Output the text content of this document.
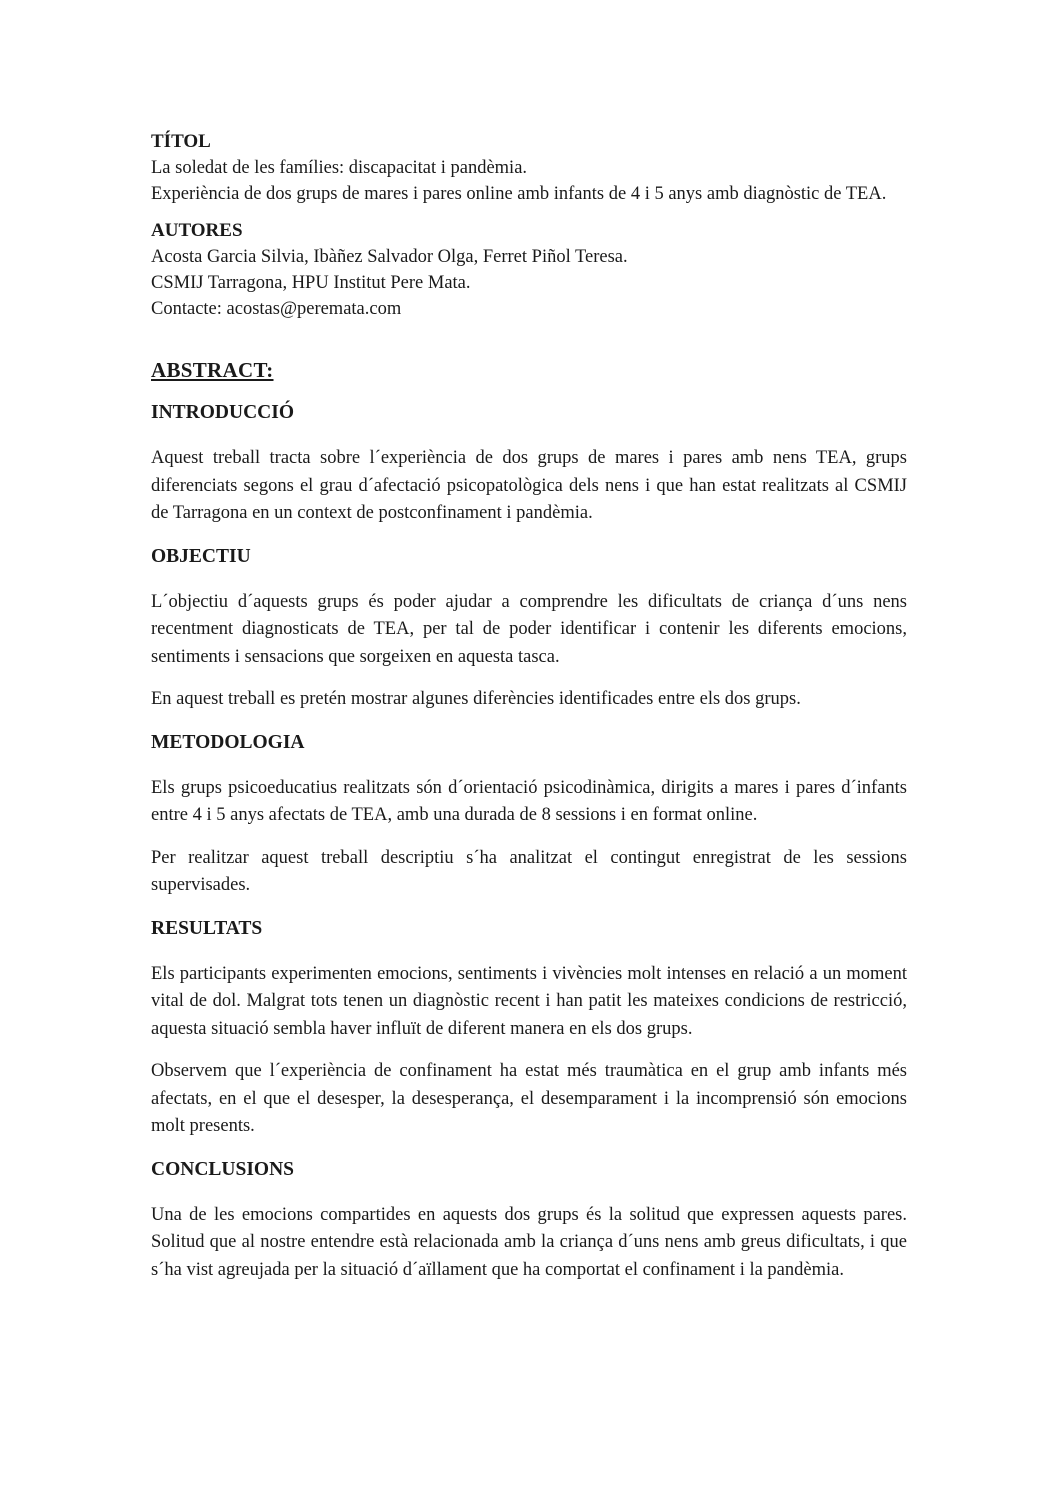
TÍTOL

La soledat de les famílies: discapacitat i pandèmia.

Experiència de dos grups de mares i pares online amb infants de 4 i 5 anys amb diagnòstic de TEA.

AUTORES

Acosta Garcia Silvia, Ibàñez Salvador Olga, Ferret Piñol Teresa.

CSMIJ Tarragona, HPU Institut Pere Mata.

Contacte: acostas@peremata.com

ABSTRACT:
INTRODUCCIÓ

Aquest treball tracta sobre l´experiència de dos grups de mares i pares amb nens TEA, grups diferenciats segons el grau d´afectació psicopatològica dels nens i que han estat realitzats al CSMIJ de Tarragona en un context de postconfinament i pandèmia.

OBJECTIU

L´objectiu d´aquests grups és poder ajudar a comprendre les dificultats de criança d´uns nens recentment diagnosticats de TEA, per tal de poder identificar i contenir les diferents emocions, sentiments i sensacions que sorgeixen en aquesta tasca.

En aquest treball es pretén mostrar algunes diferències identificades entre els dos grups.

METODOLOGIA

Els grups psicoeducatius realitzats són d´orientació psicodinàmica, dirigits a mares i pares d´infants entre 4 i 5 anys afectats de TEA, amb una durada de 8 sessions i en format online.

Per realitzar aquest treball descriptiu s´ha analitzat el contingut enregistrat de les sessions supervisades.

RESULTATS

Els participants experimenten emocions, sentiments i vivències molt intenses en relació a un moment vital de dol. Malgrat tots tenen un diagnòstic recent i han patit les mateixes condicions de restricció, aquesta situació sembla haver influït de diferent manera en els dos grups.

Observem que l´experiència de confinament ha estat més traumàtica en el grup amb infants més afectats, en el que el desesper, la desesperança, el desemparament i la incomprensió són emocions molt presents.

CONCLUSIONS

Una de les emocions compartides en aquests dos grups és la solitud que expressen aquests pares. Solitud que al nostre entendre està relacionada amb la criança d´uns nens amb greus dificultats, i que s´ha vist agreujada per la situació d´aïllament que ha comportat el confinament i la pandèmia.
